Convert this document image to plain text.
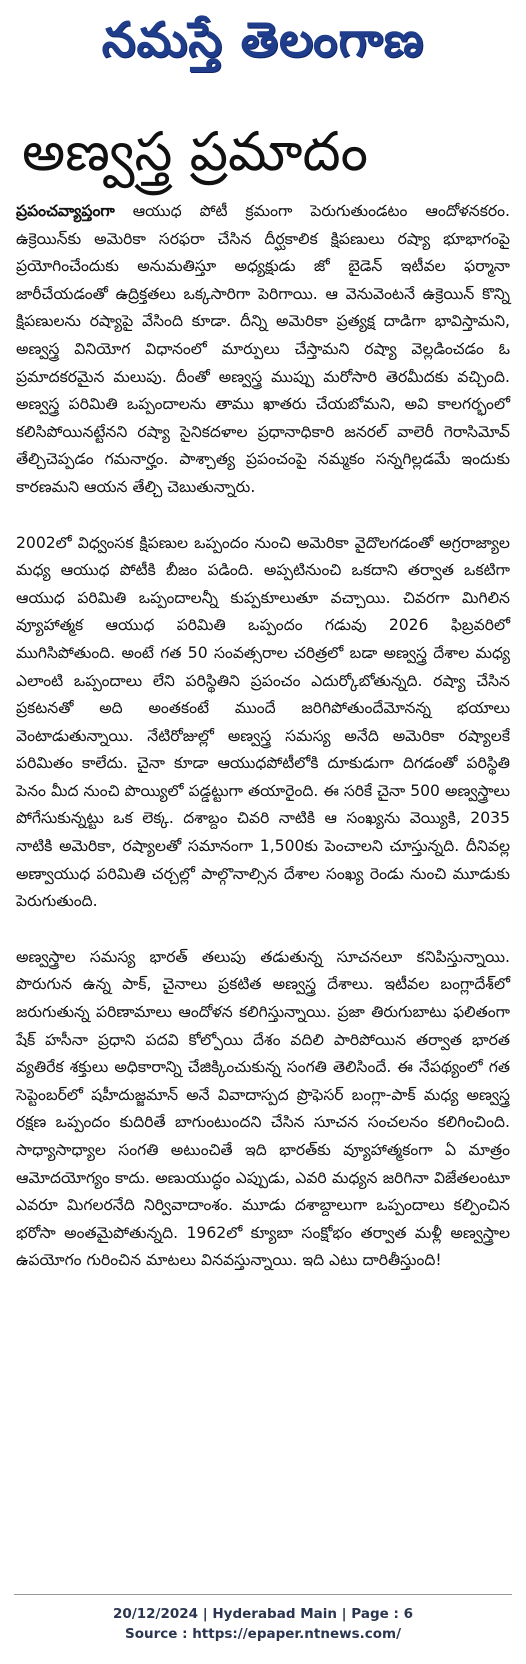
నమస్తే తెలంగాణ
అణ్వస్త్ర ప్రమాదం

ప్రపంచవ్యాప్తంగా ఆయుధ పోటీ క్రమంగా పెరుగుతుండటం ఆందోళనకరం. ఉక్రెయిన్‌కు అమెరికా సరఫరా చేసిన దీర్ఘకాలిక క్షిపణులు రష్యా భూభాగంపై ప్రయోగించేందుకు అనుమతిస్తూ అధ్యక్షుడు జో బైడెన్ ఇటీవల ఫర్మానా జారీచేయడంతో ఉద్రిక్తతలు ఒక్కసారిగా పెరిగాయి. ఆ వెనువెంటనే ఉక్రెయిన్ కొన్ని క్షిపణులను రష్యాపై వేసింది కూడా. దీన్ని అమెరికా ప్రత్యక్ష దాడిగా భావిస్తామని, అణ్వస్త్ర వినియోగ విధానంలో మార్పులు చేస్తామని రష్యా వెల్లడించడం ఓ ప్రమాదకరమైన మలుపు. దీంతో అణ్వస్త్ర ముప్పు మరోసారి తెరమీదకు వచ్చింది. అణ్వస్త్ర పరిమితి ఒప్పందాలను తాము ఖాతరు చేయబోమని, అవి కాలగర్భంలో కలిసిపోయినట్టేనని రష్యా సైనికదళాల ప్రధానాధికారి జనరల్ వాలెరీ గెరాసిమోవ్ తేల్చిచెప్పడం గమనార్హం. పాశ్చాత్య ప్రపంచంపై నమ్మకం సన్నగిల్లడమే ఇందుకు కారణమని ఆయన తేల్చి చెబుతున్నారు.

2002లో విధ్వంసక క్షిపణుల ఒప్పందం నుంచి అమెరికా వైదొలగడంతో అగ్రరాజ్యాల మధ్య ఆయుధ పోటీకి బీజం పడింది. అప్పటినుంచి ఒకదాని తర్వాత ఒకటిగా ఆయుధ పరిమితి ఒప్పందాలన్నీ కుప్పకూలుతూ వచ్చాయి. చివరగా మిగిలిన వ్యూహాత్మక ఆయుధ పరిమితి ఒప్పందం గడువు 2026 ఫిబ్రవరిలో ముగిసిపోతుంది. అంటే గత 50 సంవత్సరాల చరిత్రలో బడా అణ్వస్త్ర దేశాల మధ్య ఎలాంటి ఒప్పందాలు లేని పరిస్థితిని ప్రపంచం ఎదుర్కోబోతున్నది. రష్యా చేసిన ప్రకటనతో అది అంతకంటే ముందే జరిగిపోతుందేమోనన్న భయాలు వెంటాడుతున్నాయి. నేటిరోజుల్లో అణ్వస్త్ర సమస్య అనేది అమెరికా రష్యాలకే పరిమితం కాలేదు. చైనా కూడా ఆయుధపోటీలోకి దూకుడుగా దిగడంతో పరిస్థితి పెనం మీద నుంచి పొయ్యిలో పడ్డట్టుగా తయారైంది. ఈ సరికే చైనా 500 అణ్వస్త్రాలు పోగేసుకున్నట్టు ఒక లెక్క. దశాబ్దం చివరి నాటికి ఆ సంఖ్యను వెయ్యికి, 2035 నాటికి అమెరికా, రష్యాలతో సమానంగా 1,500కు పెంచాలని చూస్తున్నది. దీనివల్ల అణ్వాయుధ పరిమితి చర్చల్లో పాల్గొనాల్సిన దేశాల సంఖ్య రెండు నుంచి మూడుకు పెరుగుతుంది.

అణ్వస్త్రాల సమస్య భారత్ తలుపు తడుతున్న సూచనలూ కనిపిస్తున్నాయి. పొరుగున ఉన్న పాక్, చైనాలు ప్రకటిత అణ్వస్త్ర దేశాలు. ఇటీవల బంగ్లాదేశ్‌లో జరుగుతున్న పరిణామాలు ఆందోళన కలిగిస్తున్నాయి. ప్రజా తిరుగుబాటు ఫలితంగా షేక్ హసీనా ప్రధాని పదవి కోల్పోయి దేశం వదిలి పారిపోయిన తర్వాత భారత వ్యతిరేక శక్తులు అధికారాన్ని చేజిక్కించుకున్న సంగతి తెలిసిందే. ఈ నేపథ్యంలో గత సెప్టెంబర్‌లో షహీదుజ్జమాన్ అనే వివాదాస్పద ప్రొఫెసర్ బంగ్లా-పాక్ మధ్య అణ్వస్త్ర రక్షణ ఒప్పందం కుదిరితే బాగుంటుందని చేసిన సూచన సంచలనం కలిగించింది. సాధ్యాసాధ్యాల సంగతి అటుంచితే ఇది భారత్‌కు వ్యూహాత్మకంగా ఏ మాత్రం ఆమోదయోగ్యం కాదు. అణుయుద్ధం ఎప్పుడు, ఎవరి మధ్యన జరిగినా విజేతలంటూ ఎవరూ మిగలరనేది నిర్వివాదాంశం. మూడు దశాబ్దాలుగా ఒప్పందాలు కల్పించిన భరోసా అంతమైపోతున్నది. 1962లో క్యూబా సంక్షోభం తర్వాత మళ్లీ అణ్వస్త్రాల ఉపయోగం గురించిన మాటలు వినవస్తున్నాయి. ఇది ఎటు దారితీస్తుంది!

20/12/2024 | Hyderabad Main | Page : 6
Source : https://epaper.ntnews.com/
